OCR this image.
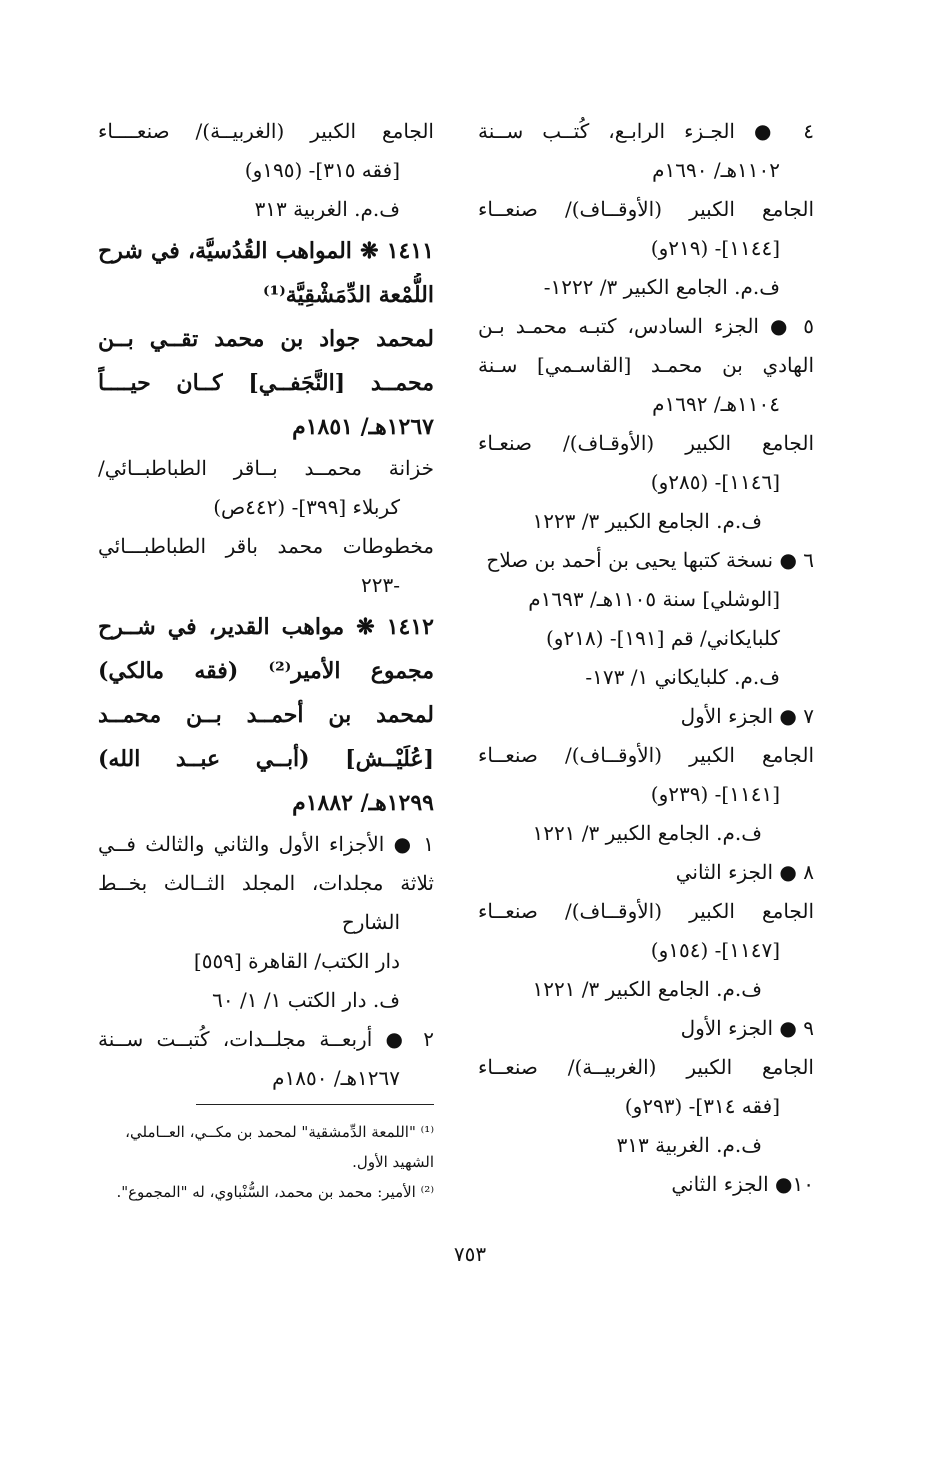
٤ ● الجـزء الرابـع، كُتــب ســنة
١١٠٢هـ/ ١٦٩٠م
الجامع الكبير (الأوقــاف)/ صنعــاء
[١١٤٤]- (٢١٩و)
ف.م. الجامع الكبير ٣/ ١٢٢٢-
٥ ● الجزء السادس، كتبـه محمـد بـن
الهادي بن محمـد [القاسـمي] سـنة
١١٠٤هـ/ ١٦٩٢م
الجامع الكبير (الأوقـاف)/ صنعـاء
[١١٤٦]- (٢٨٥و)
ف.م. الجامع الكبير ٣/ ١٢٢٣
٦ ● نسخة كتبها يحيى بن أحمد بن صلاح
[الوشلي] سنة ١١٠٥هـ/ ١٦٩٣م
كلبايكاني/ قم [١٩١]- (٢١٨و)
ف.م. كلبايكاني ١/ ١٧٣-
٧ ● الجزء الأول
الجامع الكبير (الأوقــاف)/ صنعــاء
[١١٤١]- (٢٣٩و)
ف.م. الجامع الكبير ٣/ ١٢٢١
٨ ● الجزء الثاني
الجامع الكبير (الأوقــاف)/ صنعــاء
[١١٤٧]- (١٥٤و)
ف.م. الجامع الكبير ٣/ ١٢٢١
٩ ● الجزء الأول
الجامع الكبير (الغربيــة)/ صنعــاء
[فقه ٣١٤]- (٢٩٣و)
ف.م. الغربية ٣١٣
١٠● الجزء الثاني
الجامع الكبير (الغربيــة)/ صنعــــاء
[فقه ٣١٥]- (١٩٥و)
ف.م. الغربية ٣١٣
١٤١١ ❋ المواهب القُدُسيَّة، في شرح
اللُّمْعة الدِّمَشْقِيَّة⁽¹⁾
لمحمد جواد بن محمد تقــي بــن
محمــد [النَّجَفــي] كــان حيــــاً
١٢٦٧هـ/ ١٨٥١م
خزانة محمــد بــاقر الطباطبــائي/
كربلاء [٣٩٩]- (٤٤٢ص)
مخطوطات محمد باقر الطباطبـــائي
-٢٢٣
١٤١٢ ❋ مواهب القدير، في شــرح
مجموع الأمير⁽²⁾ (فقه مالكي)
لمحمد بن أحمــد بــن محمــد
[عُلَيْــش] (أبــي عبــد الله)
١٢٩٩هـ/ ١٨٨٢م
١ ● الأجزاء الأول والثاني والثالث فــي
ثلاثة مجلدات، المجلد الثــالث بخــط
الشارح
دار الكتب/ القاهرة [٥٥٩]
ف. دار الكتب ١/ ١/ ٦٠
٢ ● أربعــة مجلــدات، كُتبــت ســنة
١٢٦٧هـ/ ١٨٥٠م
⁽¹⁾ "اللمعة الدِّمشقية" لمحمد بن مكــي، العــاملي،
الشهيد الأول.
⁽²⁾ الأمير: محمد بن محمد، السُّنْباوي، له "المجموع".
٧٥٣
